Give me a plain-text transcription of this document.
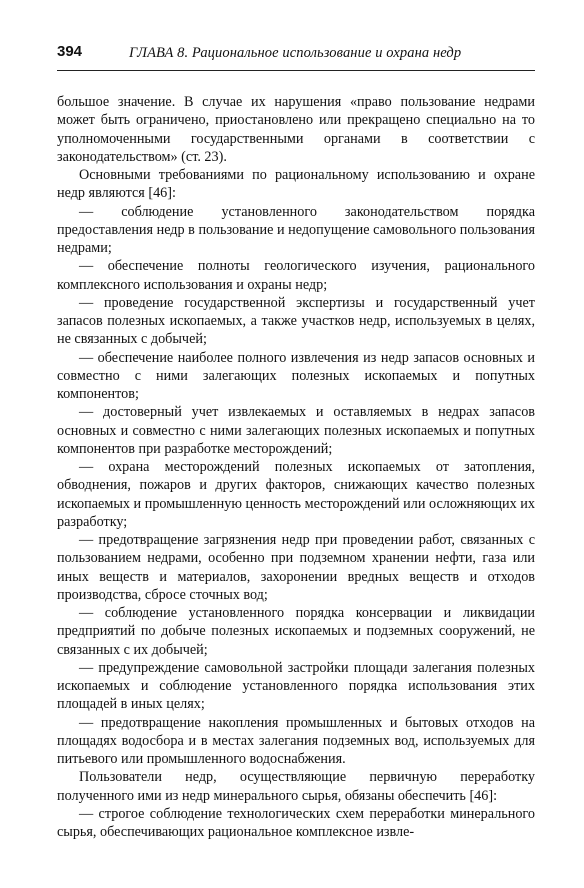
394	ГЛАВА 8. Рациональное использование и охрана недр

большое значение. В случае их нарушения «право пользование недрами может быть ограничено, приостановлено или прекращено специально на то уполномоченными государственными органами в соответствии с законодательством» (ст. 23).

Основными требованиями по рациональному использованию и охране недр являются [46]:

— соблюдение установленного законодательством порядка предоставления недр в пользование и недопущение самовольного пользования недрами;

— обеспечение полноты геологического изучения, рационального комплексного использования и охраны недр;

— проведение государственной экспертизы и государственный учет запасов полезных ископаемых, а также участков недр, используемых в целях, не связанных с добычей;

— обеспечение наиболее полного извлечения из недр запасов основных и совместно с ними залегающих полезных ископаемых и попутных компонентов;

— достоверный учет извлекаемых и оставляемых в недрах запасов основных и совместно с ними залегающих полезных ископаемых и попутных компонентов при разработке месторождений;

— охрана месторождений полезных ископаемых от затопления, обводнения, пожаров и других факторов, снижающих качество полезных ископаемых и промышленную ценность месторождений или осложняющих их разработку;

— предотвращение загрязнения недр при проведении работ, связанных с пользованием недрами, особенно при подземном хранении нефти, газа или иных веществ и материалов, захоронении вредных веществ и отходов производства, сбросе сточных вод;

— соблюдение установленного порядка консервации и ликвидации предприятий по добыче полезных ископаемых и подземных сооружений, не связанных с их добычей;

— предупреждение самовольной застройки площади залегания полезных ископаемых и соблюдение установленного порядка использования этих площадей в иных целях;

— предотвращение накопления промышленных и бытовых отходов на площадях водосбора и в местах залегания подземных вод, используемых для питьевого или промышленного водоснабжения.

Пользователи недр, осуществляющие первичную переработку полученного ими из недр минерального сырья, обязаны обеспечить [46]:

— строгое соблюдение технологических схем переработки минерального сырья, обеспечивающих рациональное комплексное извле-
